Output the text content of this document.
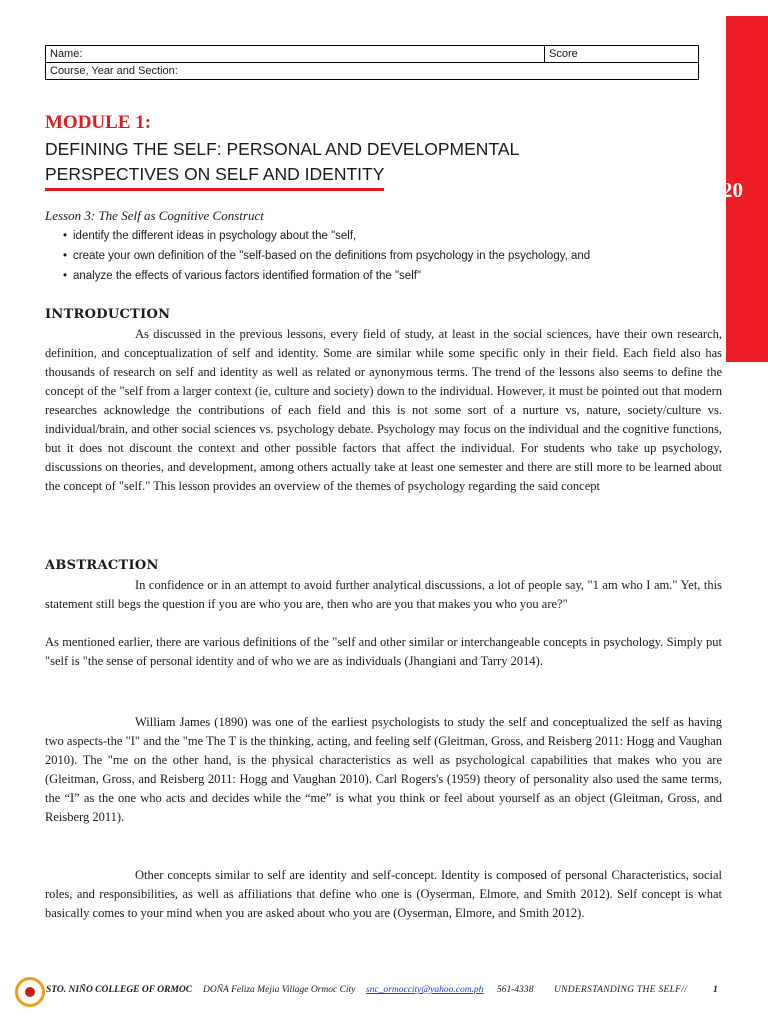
20
Name:	Score
Course, Year and Section:
MODULE 1:
DEFINING THE SELF: PERSONAL AND DEVELOPMENTAL
PERSPECTIVES ON SELF AND IDENTITY
Lesson 3: The Self as Cognitive Construct
• identify the different ideas in psychology about the "self,
• create your own definition of the "self-based on the definitions from psychology in the psychology, and
• analyze the effects of various factors identified formation of the "self"
INTRODUCTION

As discussed in the previous lessons, every field of study, at least in the social sciences, have their own research, definition, and conceptualization of self and identity. Some are similar while some specific only in their field. Each field also has thousands of research on self and identity as well as related or aynonymous terms. The trend of the lessons also seems to define the concept of the "self from a larger context (ie, culture and society) down to the individual. However, it must be pointed out that modern researches acknowledge the contributions of each field and this is not some sort of a nurture vs, nature, society/culture vs. individual/brain, and other social sciences vs. psychology debate. Psychology may focus on the individual and the cognitive functions, but it does not discount the context and other possible factors that affect the individual. For students who take up psychology, discussions on theories, and development, among others actually take at least one semester and there are still more to be learned about the concept of "self." This lesson provides an overview of the themes of psychology regarding the said concept

ABSTRACTION

In confidence or in an attempt to avoid further analytical discussions, a lot of people say, "1 am who I am." Yet, this statement still begs the question if you are who you are, then who are you that makes you who you are?"

As mentioned earlier, there are various definitions of the "self and other similar or interchangeable concepts in psychology. Simply put "self is "the sense of personal identity and of who we are as individuals (Jhangiani and Tarry 2014).

William James (1890) was one of the earliest psychologists to study the self and conceptualized the self as having two aspects-the "I" and the "me The T is the thinking, acting, and feeling self (Gleitman, Gross, and Reisberg 2011: Hogg and Vaughan 2010). The "me on the other hand, is the physical characteristics as well as psychological capabilities that makes who you are (Gleitman, Gross, and Reisberg 2011: Hogg and Vaughan 2010). Carl Rogers's (1959) theory of personality also used the same terms, the “I” as the one who acts and decides while the “me” is what you think or feel about yourself as an object (Gleitman, Gross, and Reisberg 2011).

Other concepts similar to self are identity and self-concept. Identity is composed of personal Characteristics, social roles, and responsibilities, as well as affiliations that define who one is (Oyserman, Elmore, and Smith 2012). Self concept is what basically comes to your mind when you are asked about who you are (Oyserman, Elmore, and Smith 2012).

STO. NIÑO COLLEGE OF ORMOC DOÑA Feliza Mejia Village Ormoc City snc_ormoccity@yahoo.com.ph 561-4338 UNDERSTANDING THE SELF//	1
